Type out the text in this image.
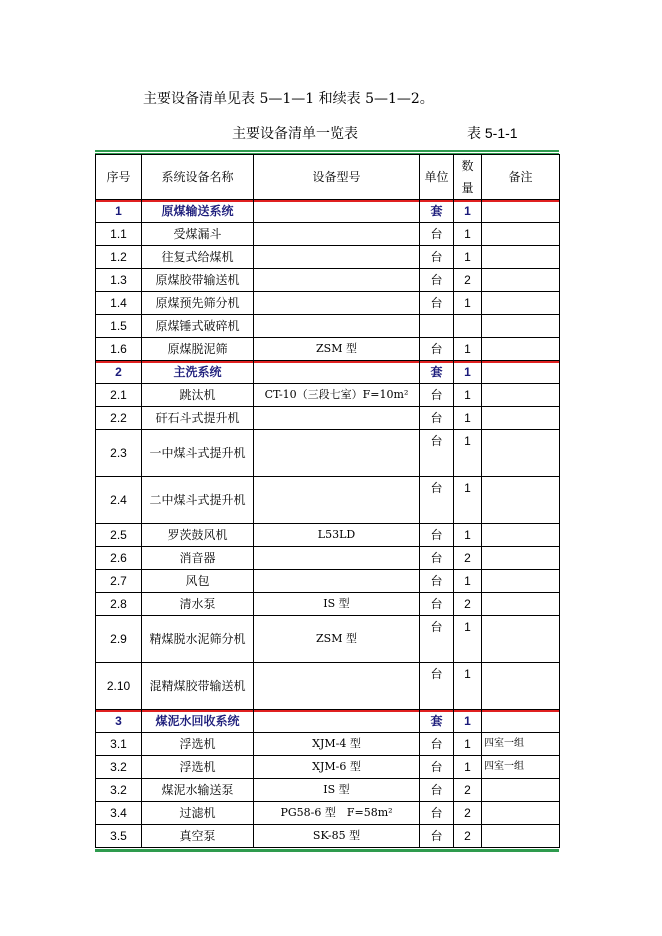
主要设备清单见表 5—1—1 和续表 5—1—2。
主要设备清单一览表	表 5-1-1
序号	系统设备名称	设备型号	单位	数量	备注
1	原煤输送系统		套	1	
1.1	受煤漏斗		台	1	
1.2	往复式给煤机		台	1	
1.3	原煤胶带输送机		台	2	
1.4	原煤预先筛分机		台	1	
1.5	原煤锤式破碎机				
1.6	原煤脱泥筛	ZSM 型	台	1	
2	主洗系统		套	1	
2.1	跳汰机	CT-10（三段七室）F=10m²	台	1	
2.2	矸石斗式提升机		台	1	
2.3	一中煤斗式提升机		台	1	
2.4	二中煤斗式提升机		台	1	
2.5	罗茨鼓风机	L53LD	台	1	
2.6	消音器		台	2	
2.7	风包		台	1	
2.8	清水泵	IS 型	台	2	
2.9	精煤脱水泥筛分机	ZSM 型	台	1	
2.10	混精煤胶带输送机		台	1	
3	煤泥水回收系统		套	1	
3.1	浮选机	XJM-4 型	台	1	四室一组
3.2	浮选机	XJM-6 型	台	1	四室一组
3.2	煤泥水输送泵	IS 型	台	2	
3.4	过滤机	PG58-6 型　F=58m²	台	2	
3.5	真空泵	SK-85 型	台	2	
